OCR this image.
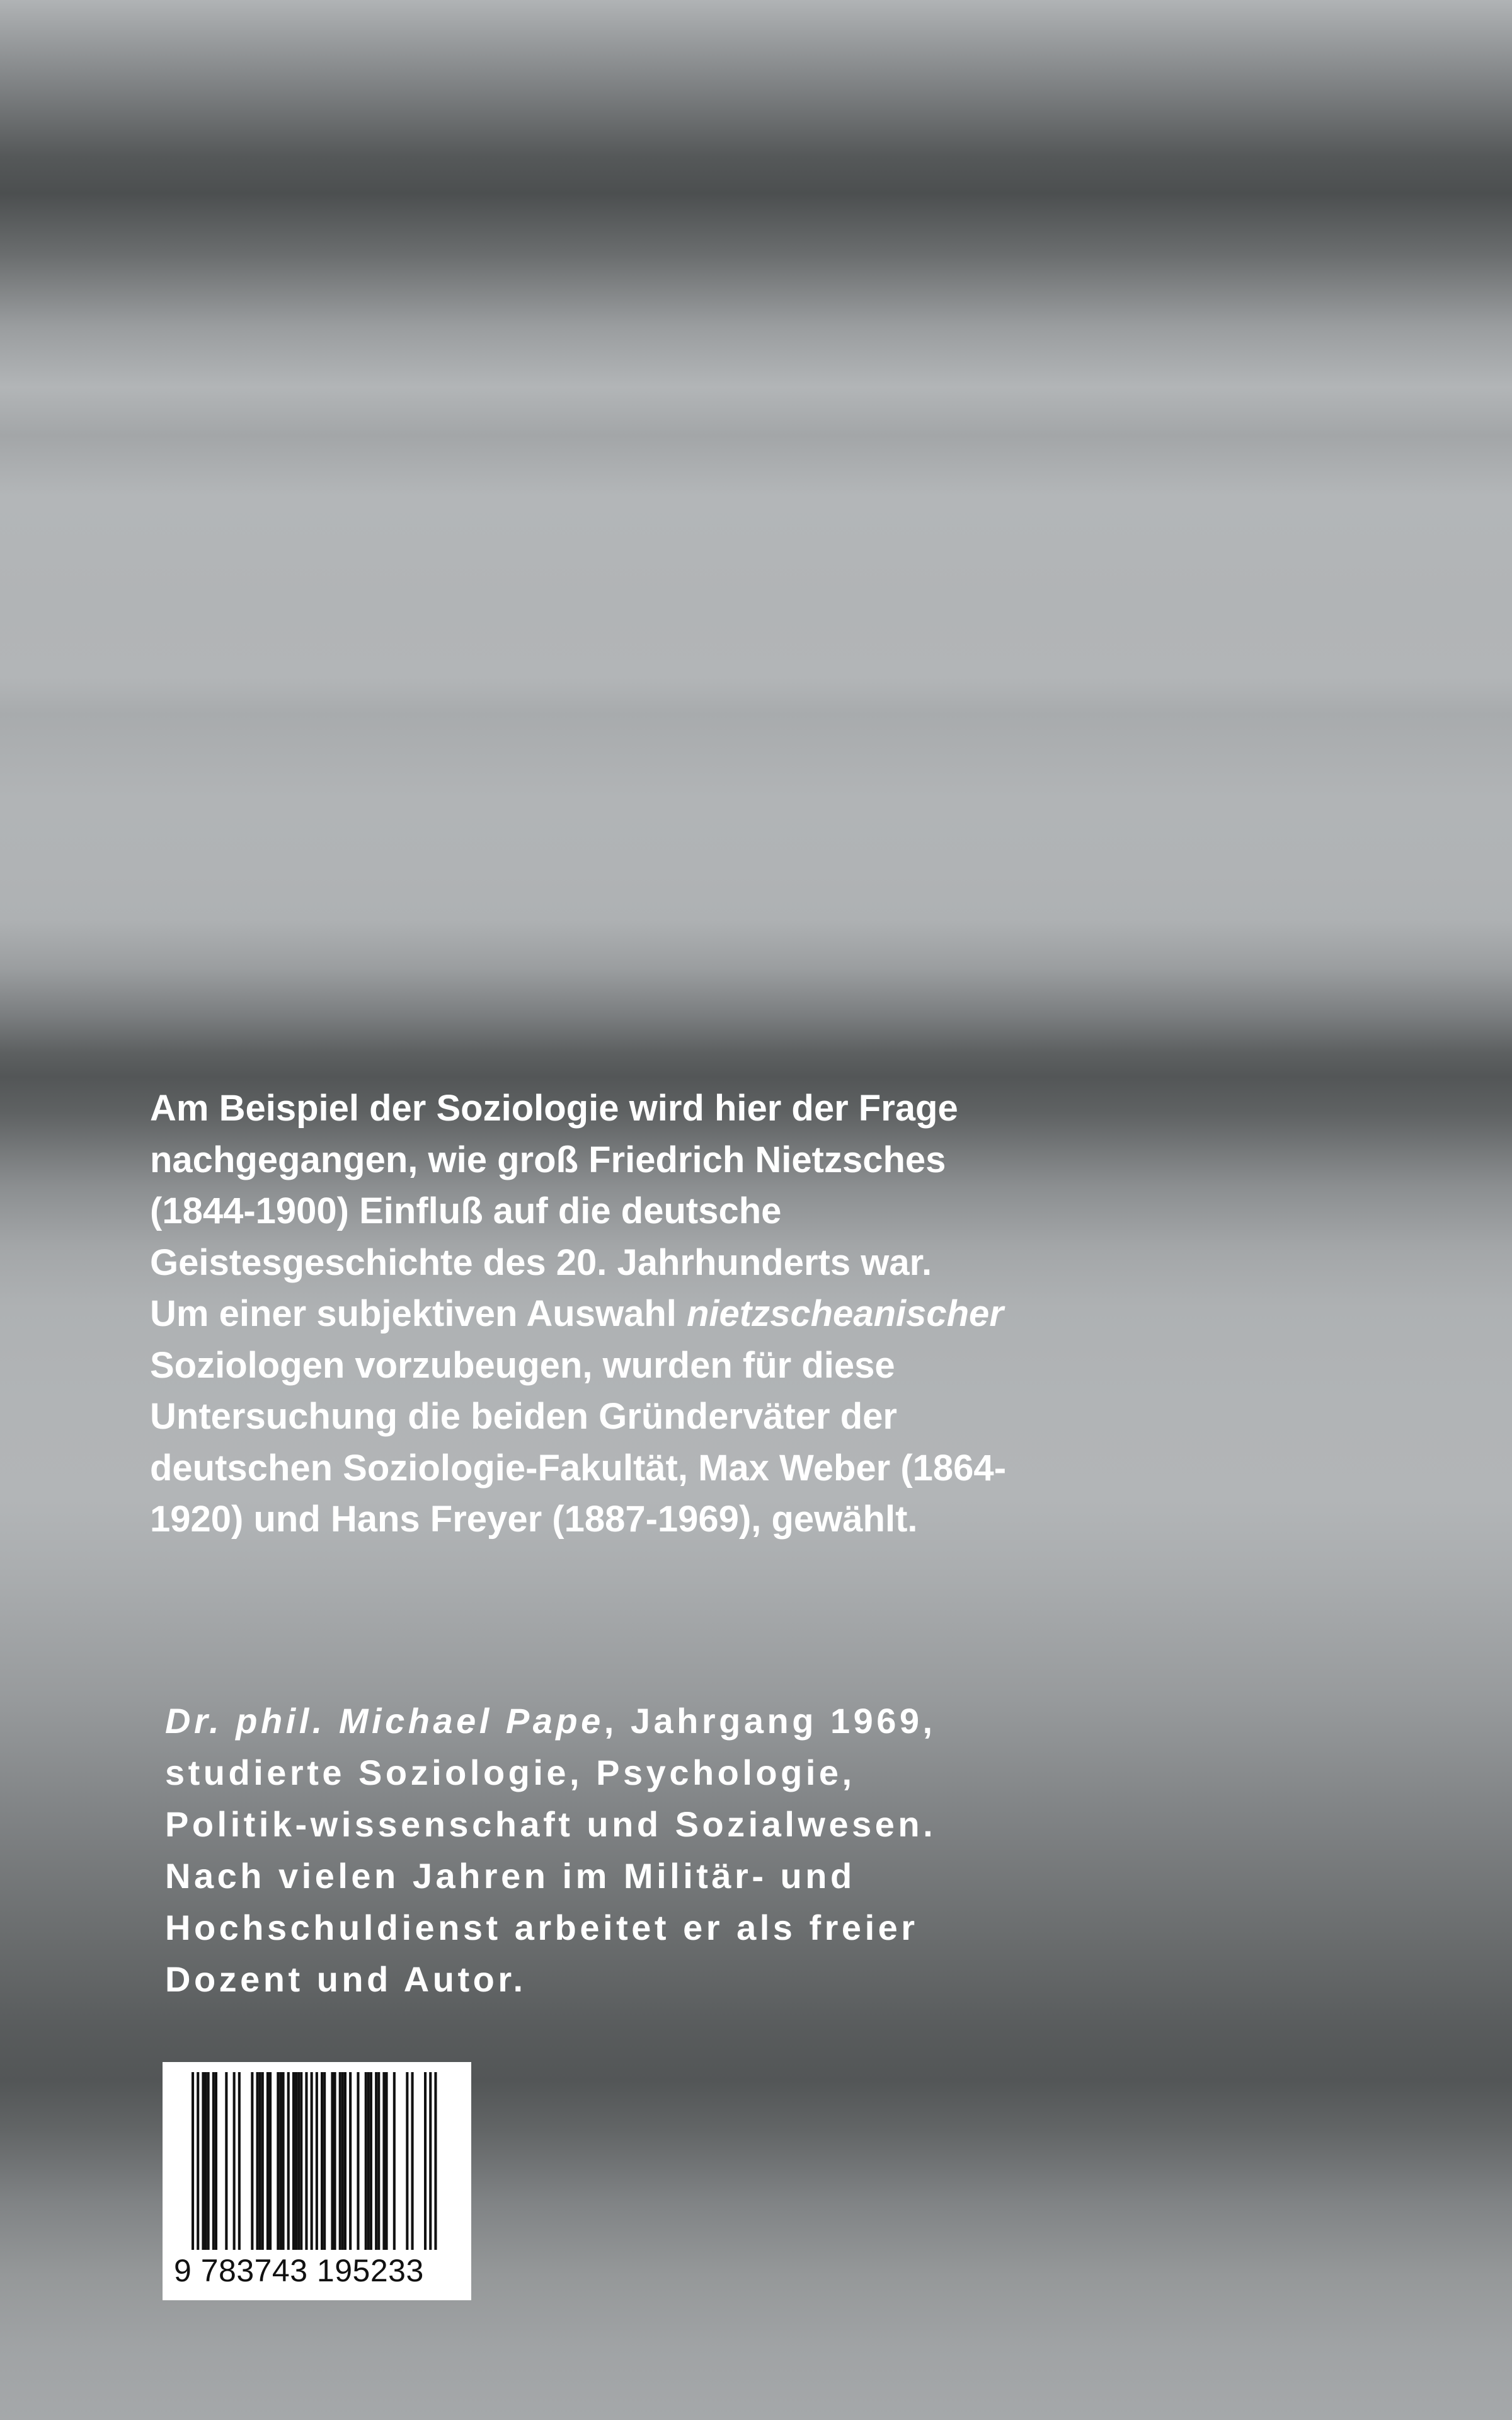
Am Beispiel der Soziologie wird hier der Frage
nachgegangen, wie groß Friedrich Nietzsches
(1844-1900) Einfluß auf die deutsche
Geistesgeschichte des 20. Jahrhunderts war.
Um einer subjektiven Auswahl nietzscheanischer
Soziologen vorzubeugen, wurden für diese
Untersuchung die beiden Gründerväter der
deutschen Soziologie-Fakultät, Max Weber (1864-
1920) und Hans Freyer (1887-1969), gewählt.
Dr. phil. Michael Pape, Jahrgang 1969,
studierte Soziologie, Psychologie,
Politik-wissenschaft und Sozialwesen.
Nach vielen Jahren im Militär- und
Hochschuldienst arbeitet er als freier
Dozent und Autor.
9 783743 195233
